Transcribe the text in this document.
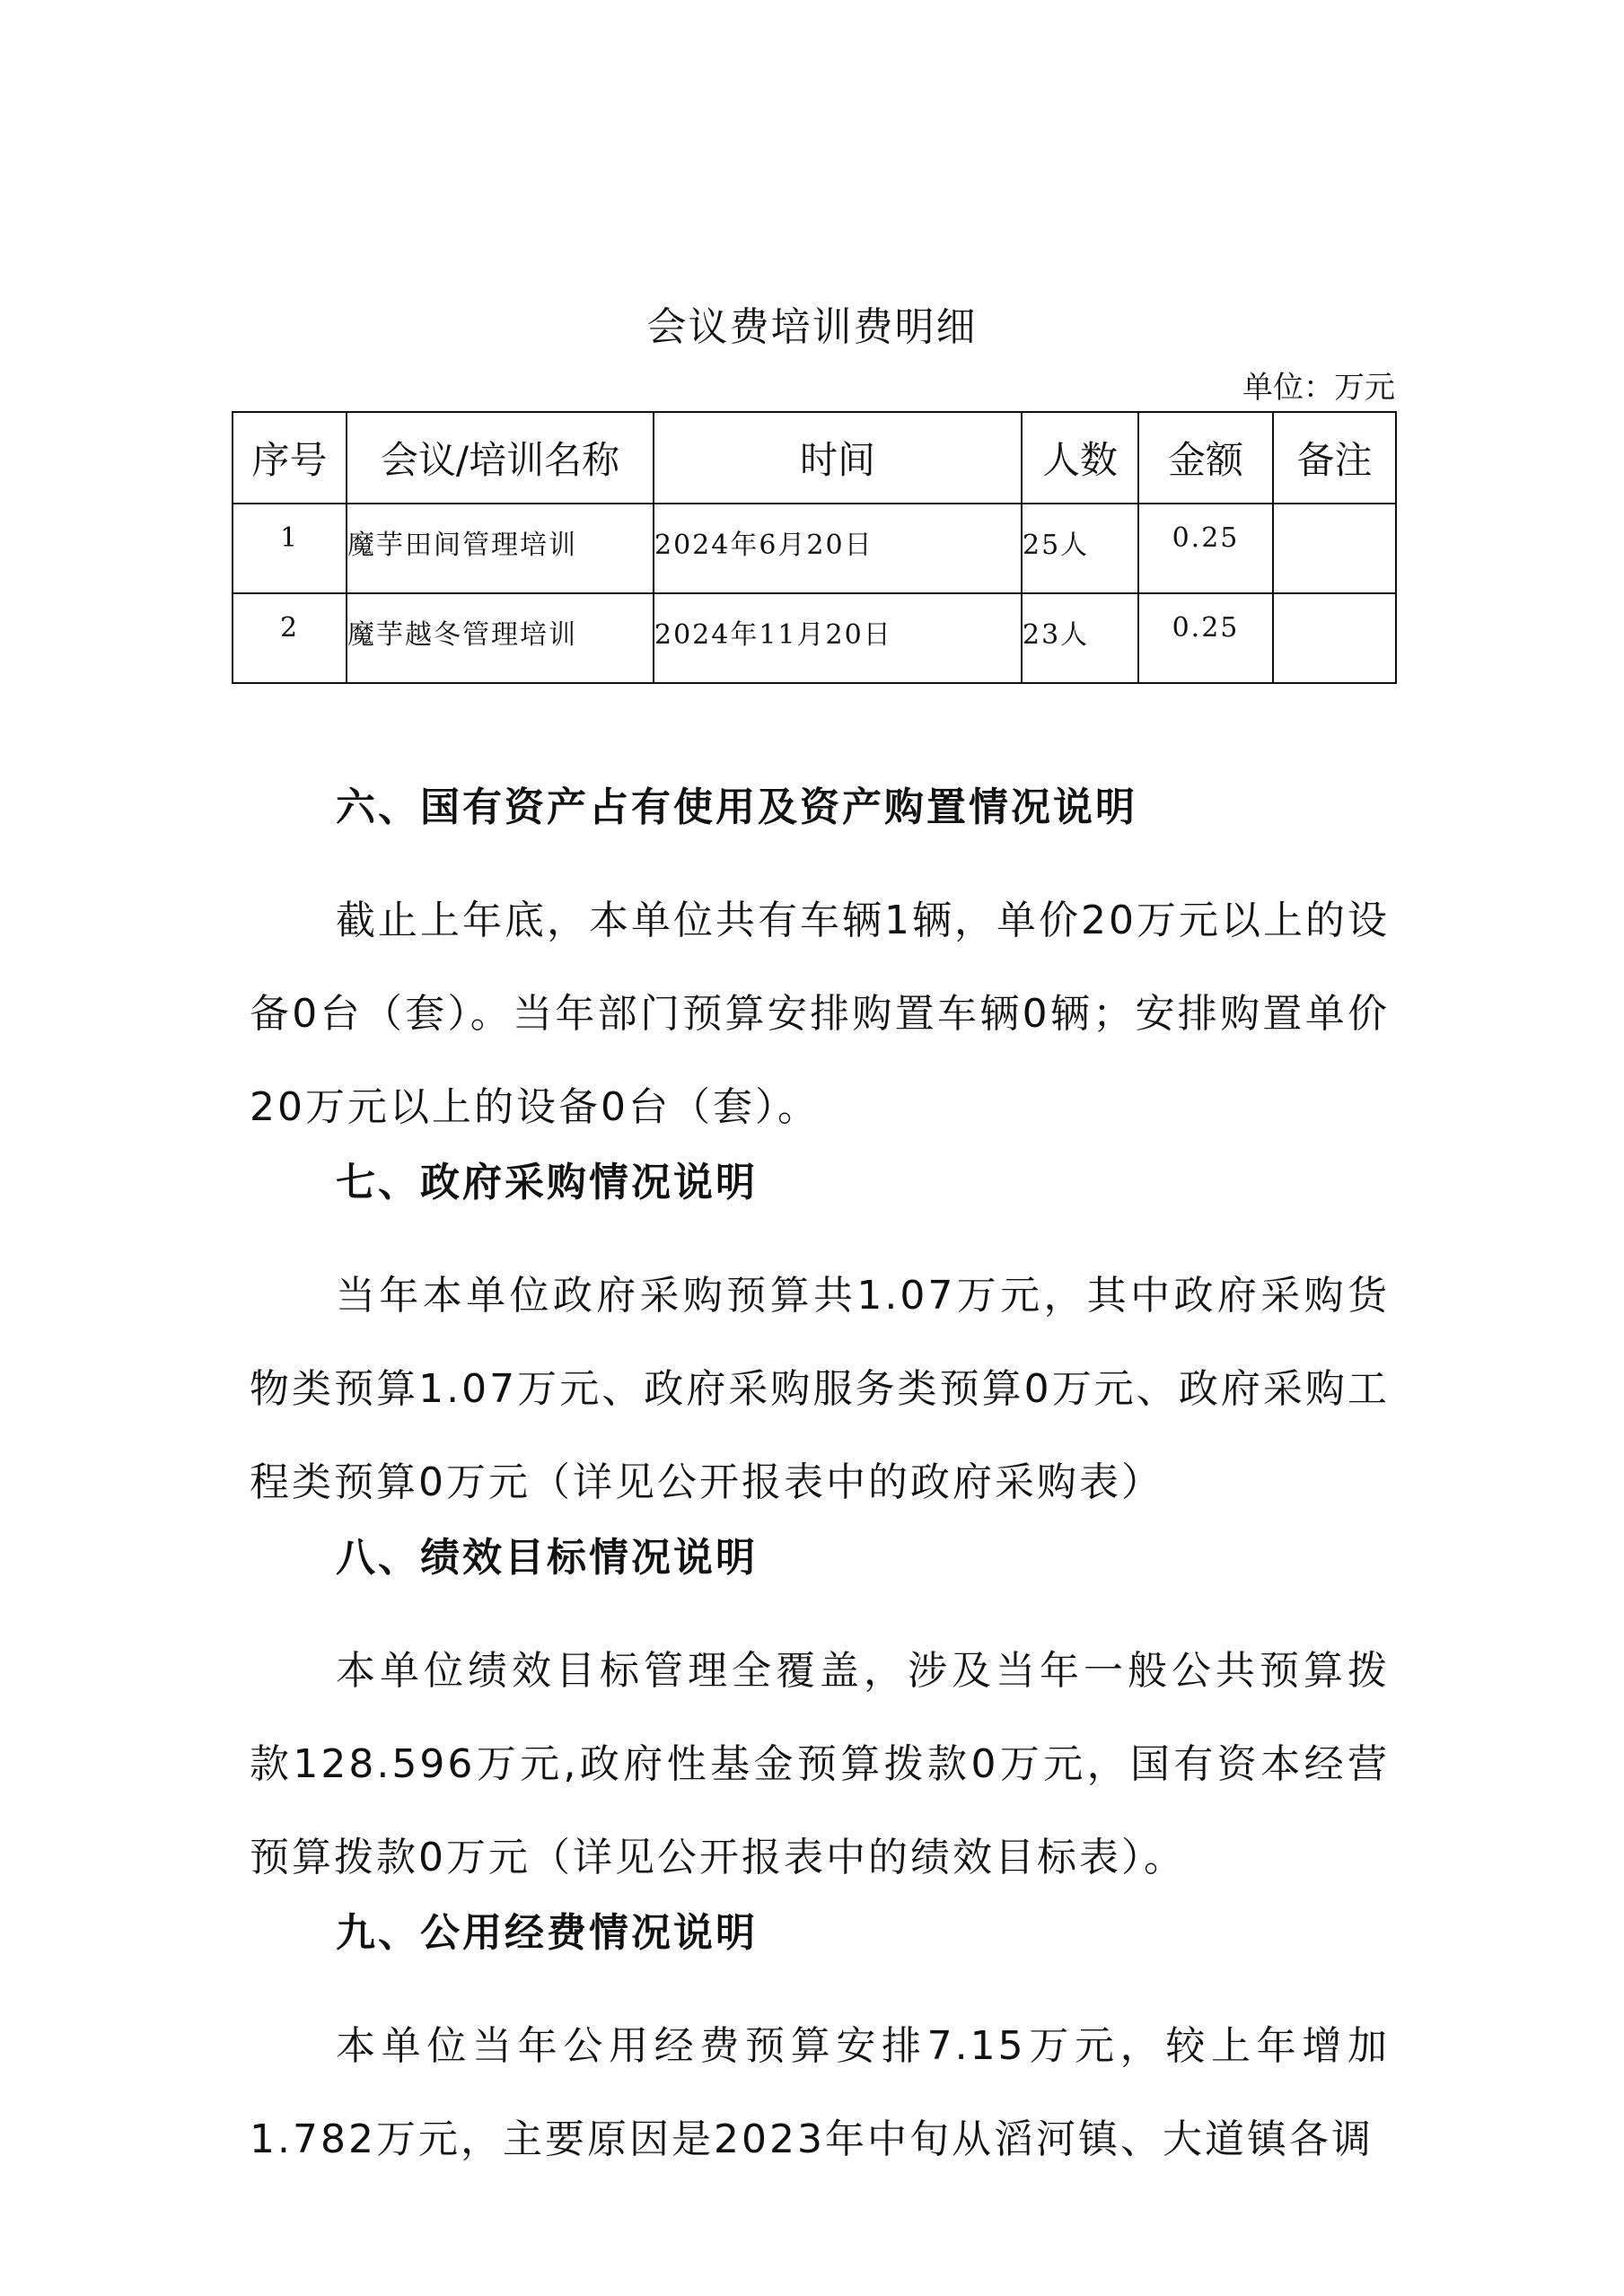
会议费培训费明细
单位：万元
序号	会议/培训名称	时间	人数	金额	备注
1	魔芋田间管理培训	2024年6月20日	25人	0.25	
2	魔芋越冬管理培训	2024年11月20日	23人	0.25	
六、国有资产占有使用及资产购置情况说明

截止上年底，本单位共有车辆1辆，单价20万元以上的设备0台（套）。当年部门预算安排购置车辆0辆；安排购置单价20万元以上的设备0台（套）。

七、政府采购情况说明

当年本单位政府采购预算共1.07万元，其中政府采购货物类预算1.07万元、政府采购服务类预算0万元、政府采购工程类预算0万元（详见公开报表中的政府采购表）

八、绩效目标情况说明

本单位绩效目标管理全覆盖，涉及当年一般公共预算拨款128.596万元,政府性基金预算拨款0万元，国有资本经营预算拨款0万元（详见公开报表中的绩效目标表）。

九、公用经费情况说明

本单位当年公用经费预算安排7.15万元，较上年增加1.782万元，主要原因是2023年中旬从滔河镇、大道镇各调
